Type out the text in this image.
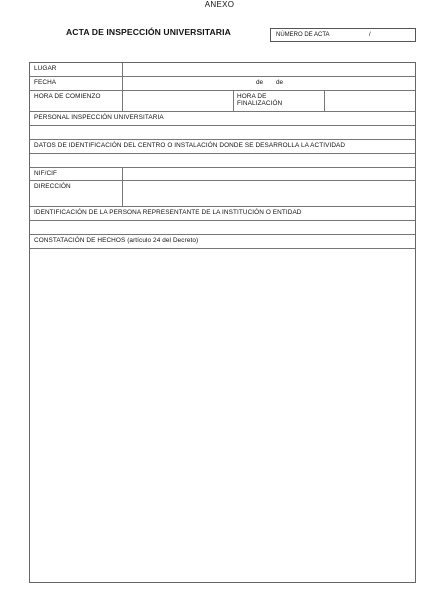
ANEXO
ACTA DE INSPECCIÓN UNIVERSITARIA	NÚMERO DE ACTA	/
LUGAR
FECHA	de de
HORA DE COMIENZO	HORA DE FINALIZACIÓN
PERSONAL INSPECCIÓN UNIVERSITARIA
DATOS DE IDENTIFICACIÓN DEL CENTRO O INSTALACIÓN DONDE SE DESARROLLA LA ACTIVIDAD
NIF/CIF
DIRECCIÓN
IDENTIFICACIÓN DE LA PERSONA REPRESENTANTE DE LA INSTITUCIÓN O ENTIDAD
CONSTATACIÓN DE HECHOS (artículo 24 del Decreto)
